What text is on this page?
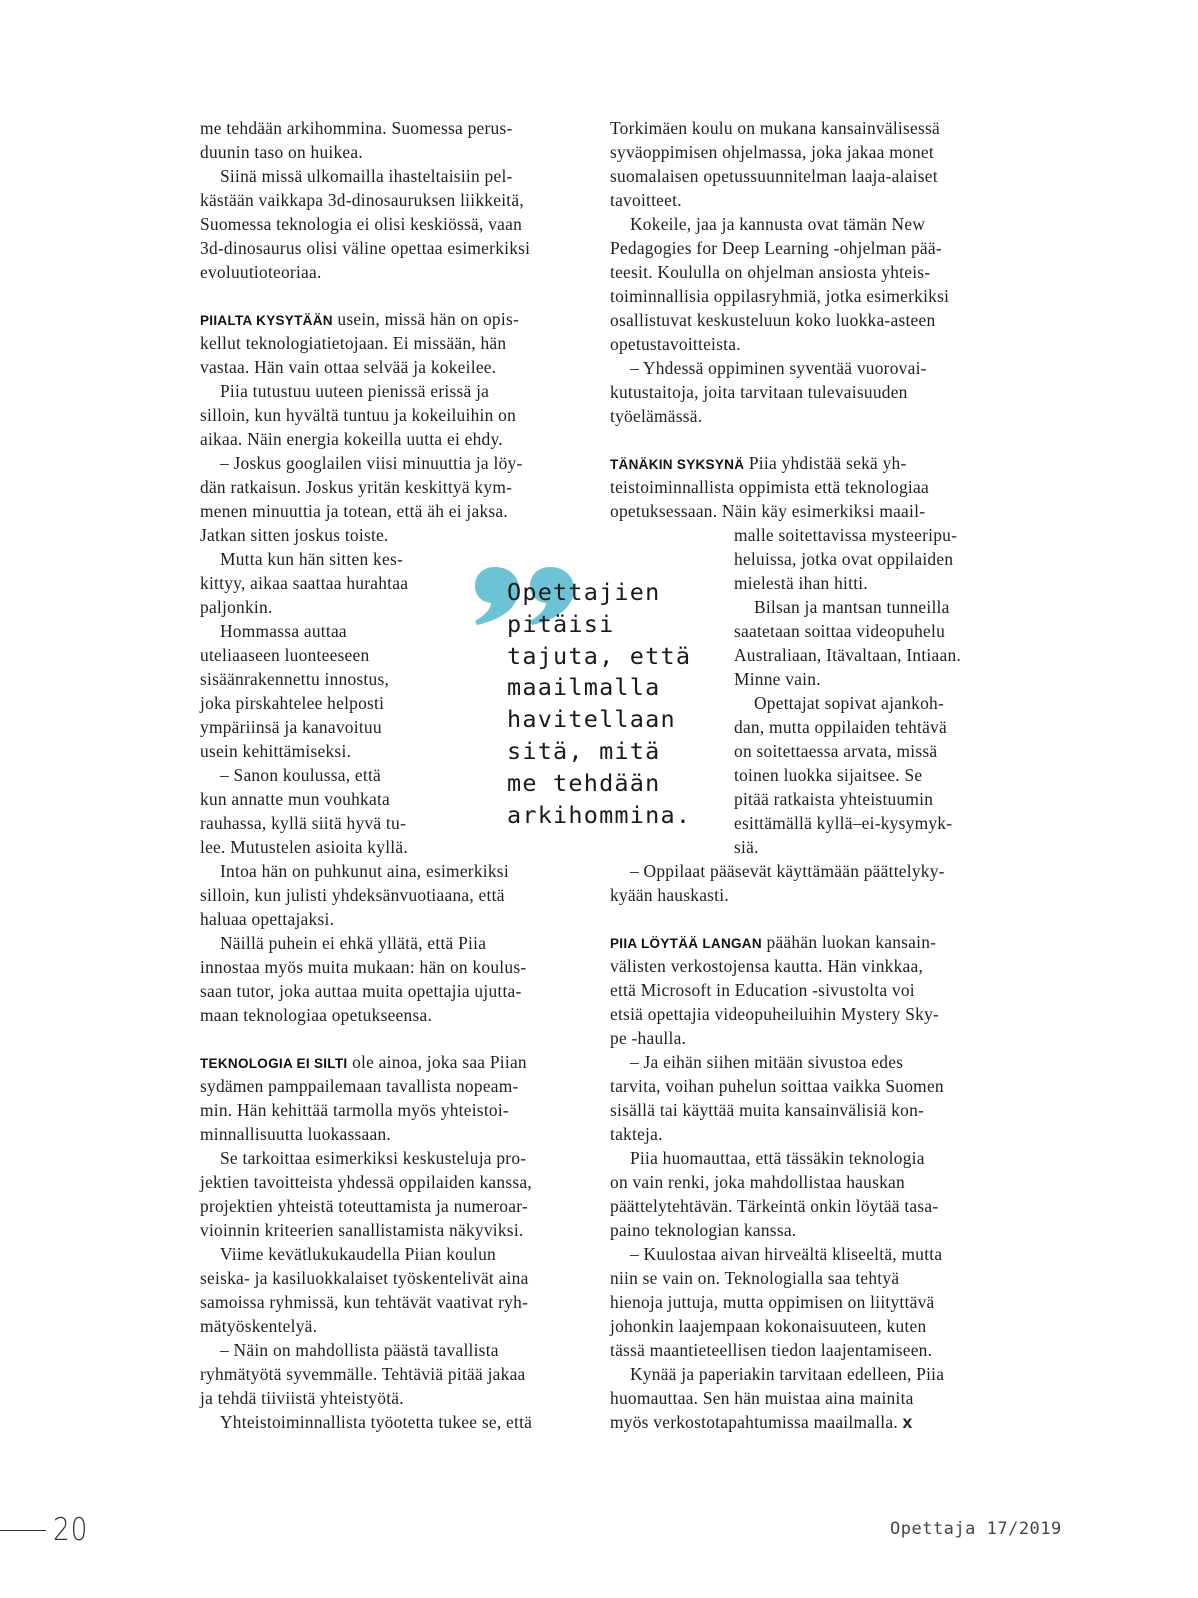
me tehdään arkihommina. Suomessa perus-
duunin taso on huikea.
Siinä missä ulkomailla ihasteltaisiin pel-
kästään vaikkapa 3d-dinosauruksen liikkeitä,
Suomessa teknologia ei olisi keskiössä, vaan
3d-dinosaurus olisi väline opettaa esimerkiksi
evoluutioteoriaa.
PIIALTA KYSYTÄÄN usein, missä hän on opis-
kellut teknologiatietojaan. Ei missään, hän
vastaa. Hän vain ottaa selvää ja kokeilee.
Piia tutustuu uuteen pienissä erissä ja
silloin, kun hyvältä tuntuu ja kokeiluihin on
aikaa. Näin energia kokeilla uutta ei ehdy.
– Joskus googlailen viisi minuuttia ja löy-
dän ratkaisun. Joskus yritän keskittyä kym-
menen minuuttia ja totean, että äh ei jaksa.
Jatkan sitten joskus toiste.
Mutta kun hän sitten kes-
kittyy, aikaa saattaa hurahtaa
paljonkin.
Hommassa auttaa
uteliaaseen luonteeseen
sisäänrakennettu innostus,
joka pirskahtelee helposti
ympäriinsä ja kanavoituu
usein kehittämiseksi.
– Sanon koulussa, että
kun annatte mun vouhkata
rauhassa, kyllä siitä hyvä tu-
lee. Mutustelen asioita kyllä.
Intoa hän on puhkunut aina, esimerkiksi
silloin, kun julisti yhdeksänvuotiaana, että
haluaa opettajaksi.
Näillä puhein ei ehkä yllätä, että Piia
innostaa myös muita mukaan: hän on koulus-
saan tutor, joka auttaa muita opettajia ujutta-
maan teknologiaa opetukseensa.
TEKNOLOGIA EI SILTI ole ainoa, joka saa Piian
sydämen pamppailemaan tavallista nopeam-
min. Hän kehittää tarmolla myös yhteistoi-
minnallisuutta luokassaan.
Se tarkoittaa esimerkiksi keskusteluja pro-
jektien tavoitteista yhdessä oppilaiden kanssa,
projektien yhteistä toteuttamista ja numeroar-
vioinnin kriteerien sanallistamista näkyviksi.
Viime kevätlukukaudella Piian koulun
seiska- ja kasiluokkalaiset työskentelivät aina
samoissa ryhmissä, kun tehtävät vaativat ryh-
mätyöskentelyä.
– Näin on mahdollista päästä tavallista
ryhmätyötä syvemmälle. Tehtäviä pitää jakaa
ja tehdä tiiviistä yhteistyötä.
Yhteistoiminnallista työotetta tukee se, että
Torkimäen koulu on mukana kansainvälisessä
syväoppimisen ohjelmassa, joka jakaa monet
suomalaisen opetussuunnitelman laaja-alaiset
tavoitteet.
Kokeile, jaa ja kannusta ovat tämän New
Pedagogies for Deep Learning -ohjelman pää-
teesit. Koululla on ohjelman ansiosta yhteis-
toiminnallisia oppilasryhmiä, jotka esimerkiksi
osallistuvat keskusteluun koko luokka-asteen
opetustavoitteista.
– Yhdessä oppiminen syventää vuorovai-
kutustaitoja, joita tarvitaan tulevaisuuden
työelämässä.
TÄNÄKIN SYKSYNÄ Piia yhdistää sekä yh-
teistoiminnallista oppimista että teknologiaa
opetuksessaan. Näin käy esimerkiksi maail-
malle soitettavissa mysteeripu-
heluissa, jotka ovat oppilaiden
mielestä ihan hitti.
Bilsan ja mantsan tunneilla
saatetaan soittaa videopuhelu
Australiaan, Itävaltaan, Intiaan.
Minne vain.
Opettajat sopivat ajankoh-
dan, mutta oppilaiden tehtävä
on soitettaessa arvata, missä
toinen luokka sijaitsee. Se
pitää ratkaista yhteistuumin
esittämällä kyllä–ei-kysymyk-
siä.
– Oppilaat pääsevät käyttämään päättelyky-
kyään hauskasti.
PIIA LÖYTÄÄ LANGAN päähän luokan kansain-
välisten verkostojensa kautta. Hän vinkkaa,
että Microsoft in Education -sivustolta voi
etsiä opettajia videopuheiluihin Mystery Sky-
pe -haulla.
– Ja eihän siihen mitään sivustoa edes
tarvita, voihan puhelun soittaa vaikka Suomen
sisällä tai käyttää muita kansainvälisiä kon-
takteja.
Piia huomauttaa, että tässäkin teknologia
on vain renki, joka mahdollistaa hauskan
päättelytehtävän. Tärkeintä onkin löytää tasa-
paino teknologian kanssa.
– Kuulostaa aivan hirveältä kliseeltä, mutta
niin se vain on. Teknologialla saa tehtyä
hienoja juttuja, mutta oppimisen on liityttävä
johonkin laajempaan kokonaisuuteen, kuten
tässä maantieteellisen tiedon laajentamiseen.
Kynää ja paperiakin tarvitaan edelleen, Piia
huomauttaa. Sen hän muistaa aina mainita
myös verkostotapahtumissa maailmalla. x
Opettajien
pitäisi
tajuta, että
maailmalla
havitellaan
sitä, mitä
me tehdään
arkihommina.
20	Opettaja 17/2019
